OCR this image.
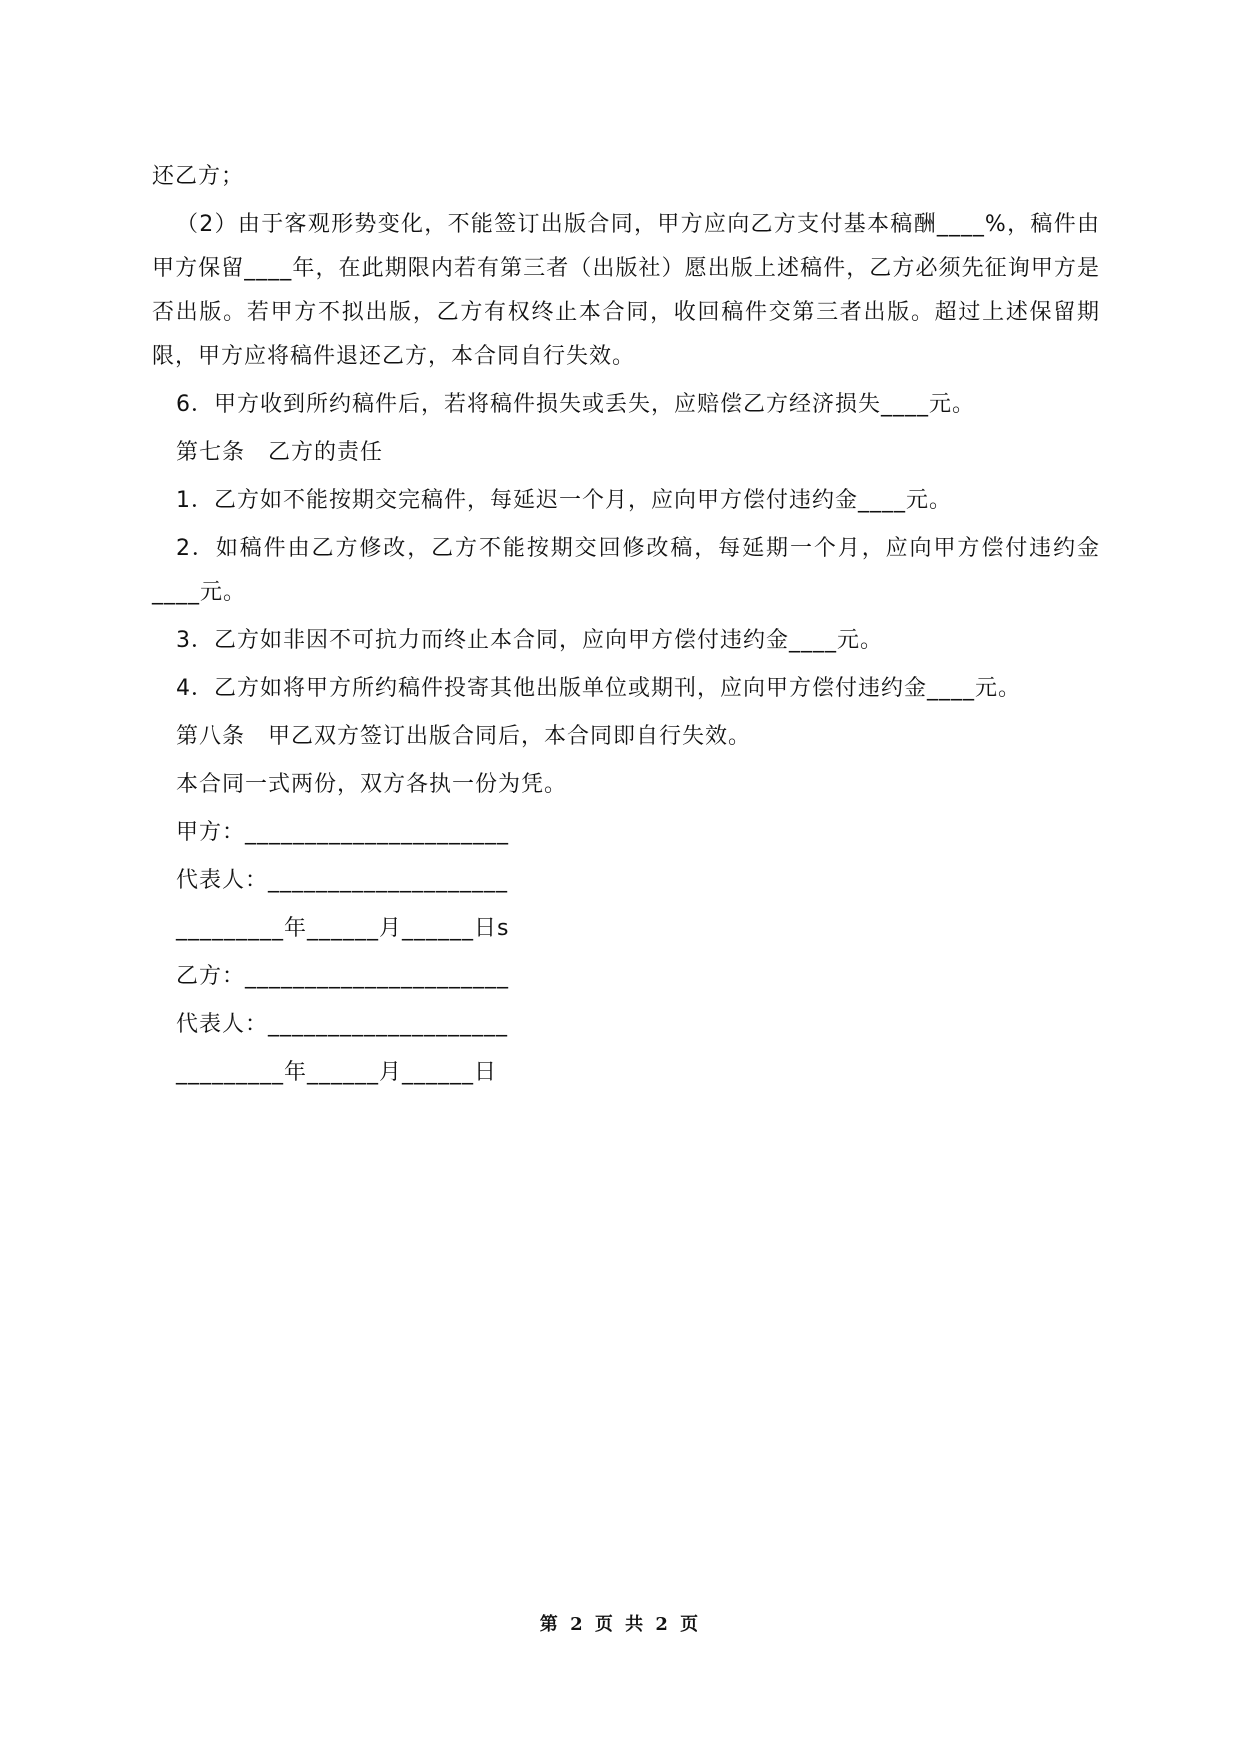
还乙方；

（2）由于客观形势变化，不能签订出版合同，甲方应向乙方支付基本稿酬____%，稿件由甲方保留____年，在此期限内若有第三者（出版社）愿出版上述稿件，乙方必须先征询甲方是否出版。若甲方不拟出版，乙方有权终止本合同，收回稿件交第三者出版。超过上述保留期限，甲方应将稿件退还乙方，本合同自行失效。

6．甲方收到所约稿件后，若将稿件损失或丢失，应赔偿乙方经济损失____元。

第七条　乙方的责任

1．乙方如不能按期交完稿件，每延迟一个月，应向甲方偿付违约金____元。

2．如稿件由乙方修改，乙方不能按期交回修改稿，每延期一个月，应向甲方偿付违约金____元。

3．乙方如非因不可抗力而终止本合同，应向甲方偿付违约金____元。

4．乙方如将甲方所约稿件投寄其他出版单位或期刊，应向甲方偿付违约金____元。

第八条　甲乙双方签订出版合同后，本合同即自行失效。

本合同一式两份，双方各执一份为凭。

甲方：______________________

代表人：____________________

_________年______月______日s

乙方：______________________

代表人：____________________

_________年______月______日

第 2 页 共 2 页
